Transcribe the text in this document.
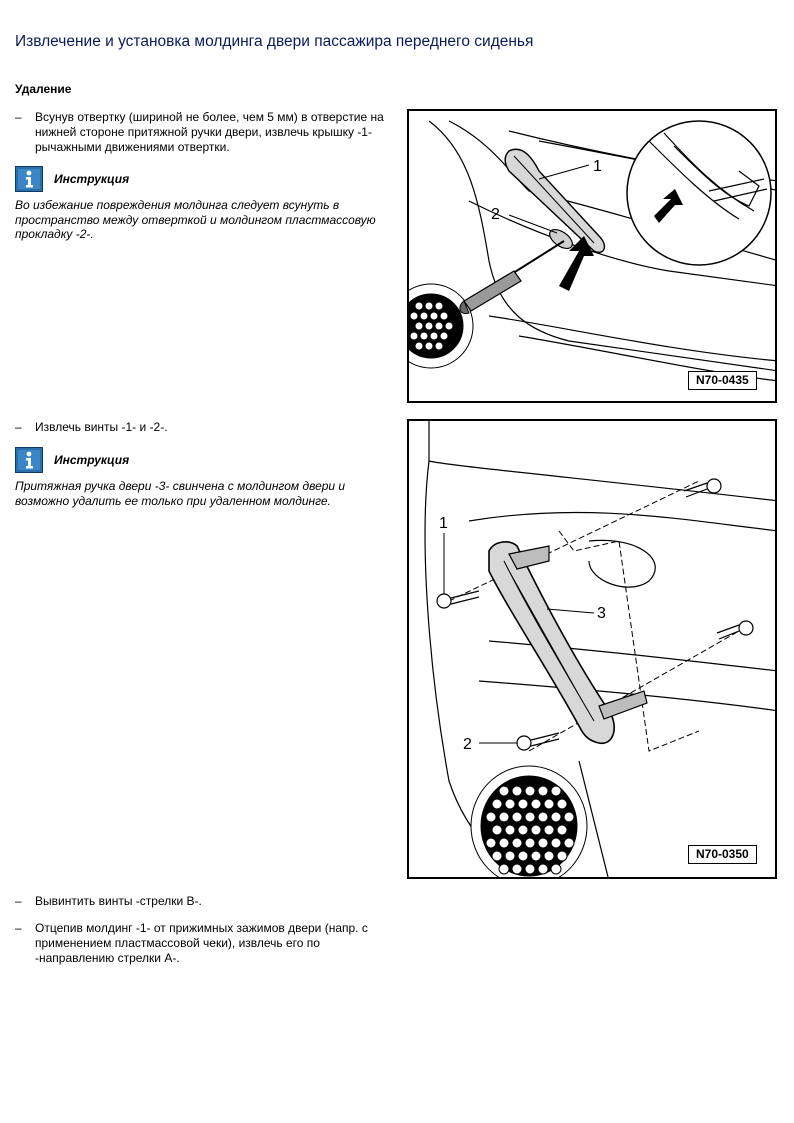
Извлечение и установка молдинга двери пассажира переднего сиденья
Удаление
– Всунув отвертку (шириной не более, чем 5 мм) в отверстие на нижней стороне притяжной ручки двери, извлечь крышку -1- рычажными движениями отвертки.
Инструкция
Во избежание повреждения молдинга следует всунуть в пространство между отверткой и молдингом пластмассовую прокладку -2-.
– Извлечь винты -1- и -2-.
Инструкция
Притяжная ручка двери -3- свинчена с молдингом двери и возможно удалить ее только при удаленном молдинге.
– Вывинтить винты -стрелки В-.
– Отцепив молдинг -1- от прижимных зажимов двери (напр. с применением пластмассовой чеки), извлечь его по -направлению стрелки А-.
1
2
N70-0435
1
2
3
N70-0350
